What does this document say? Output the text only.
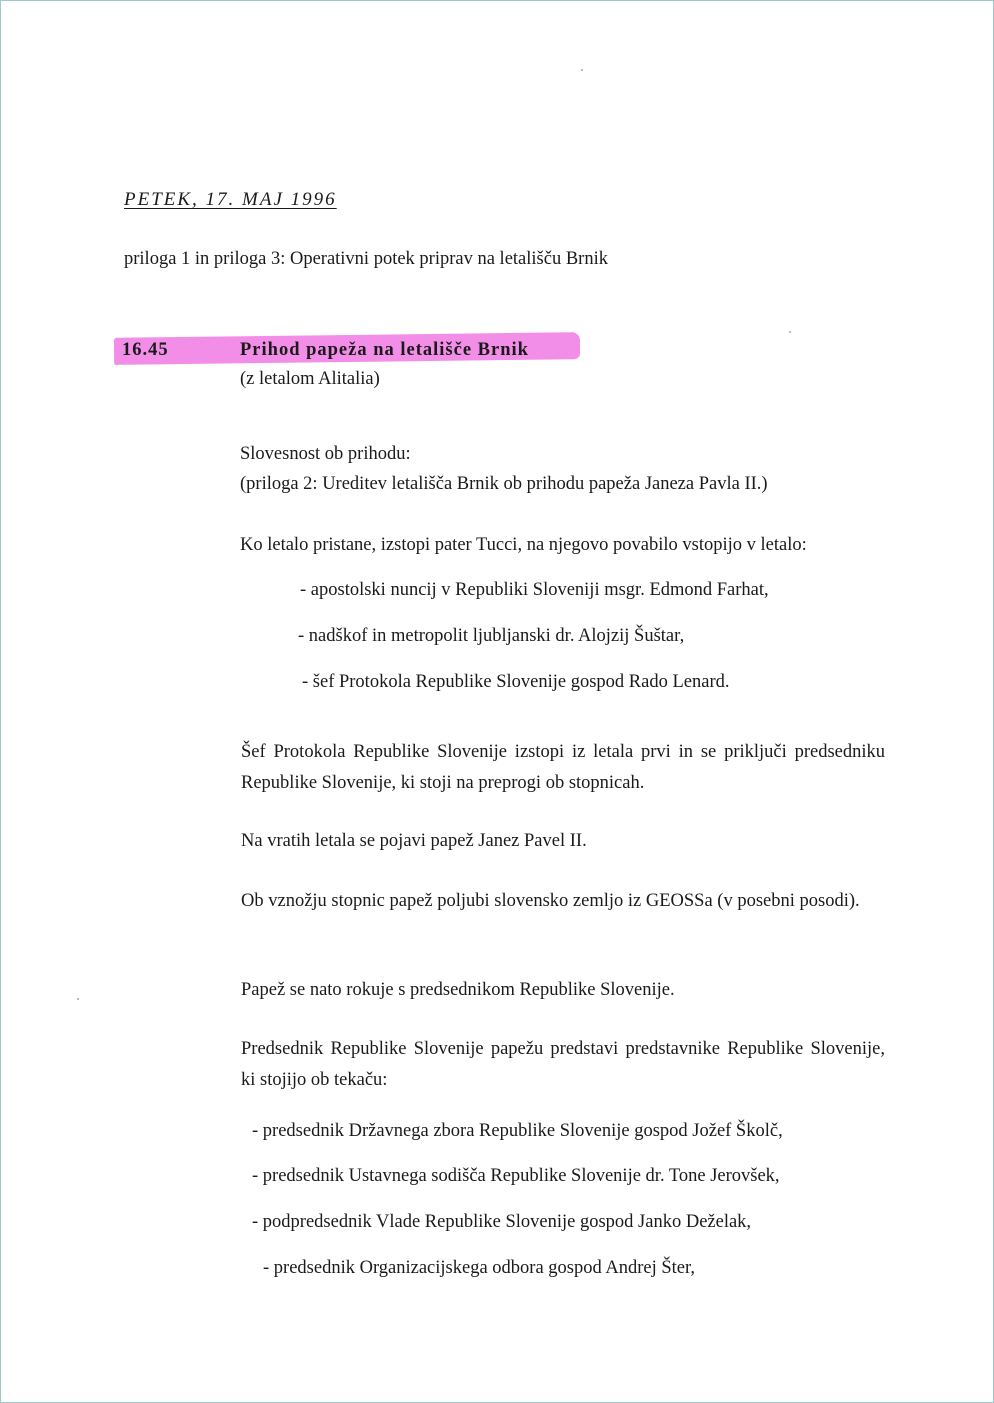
PETEK, 17. MAJ 1996
priloga 1 in priloga 3: Operativni potek priprav na letališču Brnik
16.45	Prihod papeža na letališče Brnik
(z letalom Alitalia)
Slovesnost ob prihodu:
(priloga 2: Ureditev letališča Brnik ob prihodu papeža Janeza Pavla II.)
Ko letalo pristane, izstopi pater Tucci, na njegovo povabilo vstopijo v letalo:
- apostolski nuncij v Republiki Sloveniji msgr. Edmond Farhat,
- nadškof in metropolit ljubljanski dr. Alojzij Šuštar,
- šef Protokola Republike Slovenije gospod Rado Lenard.
Šef Protokola Republike Slovenije izstopi iz letala prvi in se priključi predsedniku Republike Slovenije, ki stoji na preprogi ob stopnicah.
Na vratih letala se pojavi papež Janez Pavel II.
Ob vznožju stopnic papež poljubi slovensko zemljo iz GEOSSa (v posebni posodi).
Papež se nato rokuje s predsednikom Republike Slovenije.
Predsednik Republike Slovenije papežu predstavi predstavnike Republike Slovenije, ki stojijo ob tekaču:
- predsednik Državnega zbora Republike Slovenije gospod Jožef Školč,
- predsednik Ustavnega sodišča Republike Slovenije dr. Tone Jerovšek,
- podpredsednik Vlade Republike Slovenije gospod Janko Deželak,
- predsednik Organizacijskega odbora gospod Andrej Šter,
